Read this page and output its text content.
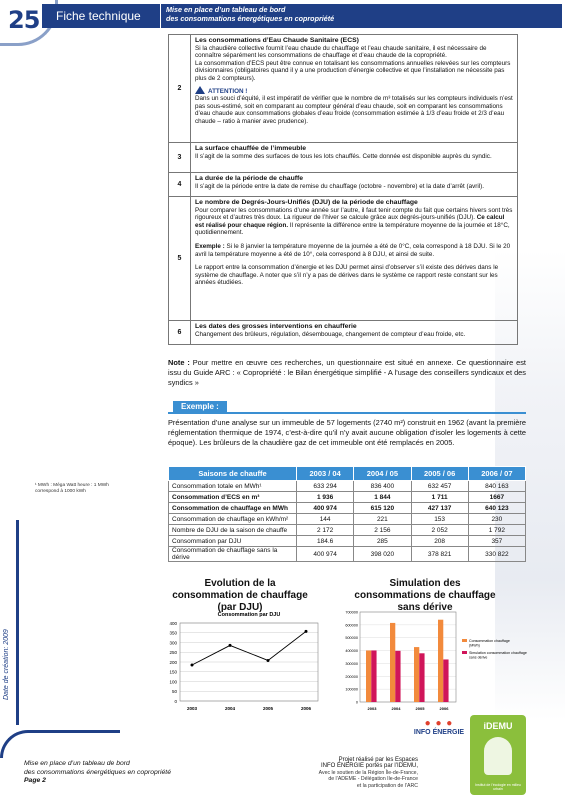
25 Fiche technique	Mise en place d’un tableau de bord
des consommations énergétiques en copropriété
2	Les consommations d’Eau Chaude Sanitaire (ECS)
Si la chaudière collective fournit l’eau chaude du chauffage et l’eau chaude sanitaire, il est nécessaire de connaître séparément les consommations de chauffage et d’eau chaude de la copropriété.
La consommation d’ECS peut être connue en totalisant les consommations annuelles relevées sur les compteurs divisionnaires (obligatoires quand il y a une production d’énergie collective et que l’installation ne nécessite pas plus de 2 compteurs).
ATTENTION !
Dans un souci d’équité, il est impératif de vérifier que le nombre de m³ totalisés sur les compteurs individuels n’est pas sous-estimé, soit en comparant au compteur général d’eau chaude, soit en comparant les consommations d’eau chaude aux consommations globales d’eau froide (consommation estimée à 1/3 d’eau froide et 2/3 d’eau chaude – ratio à manier avec prudence).

3	La surface chauffée de l’immeuble
Il s’agit de la somme des surfaces de tous les lots chauffés. Cette donnée est disponible auprès du syndic.

4	La durée de la période de chauffe
Il s’agit de la période entre la date de remise du chauffage (octobre - novembre) et la date d’arrêt (avril).

5	Le nombre de Degrés-Jours-Unifiés (DJU) de la période de chauffage
Pour comparer les consommations d’une année sur l’autre, il faut tenir compte du fait que certains hivers sont très rigoureux et d’autres très doux. La rigueur de l’hiver se calcule grâce aux degrés-jours-unifiés (DJU). Ce calcul est réalisé pour chaque région. Il représente la différence entre la température moyenne de la journée et 18°C, quotidiennement.
Exemple : Si le 8 janvier la température moyenne de la journée a été de 0°C, cela correspond à 18 DJU. Si le 20 avril la température moyenne a été de 10°, cela correspond à 8 DJU, et ainsi de suite.
Le rapport entre la consommation d’énergie et les DJU permet ainsi d’observer s’il existe des dérives dans le système de chauffage. A noter que s’il n’y a pas de dérives dans le système ce rapport reste constant sur les années étudiées.

6	Les dates des grosses interventions en chaufferie
Changement des brûleurs, régulation, désembouage, changement de compteur d’eau froide, etc.
Note : Pour mettre en œuvre ces recherches, un questionnaire est situé en annexe. Ce questionnaire est issu du Guide ARC : « Copropriété : le Bilan énergétique simplifié - A l’usage des conseillers syndicaux et des syndics »
Exemple :
Présentation d’une analyse sur un immeuble de 57 logements (2740 m²) construit en 1962 (avant la première réglementation thermique de 1974, c’est-à-dire qu’il n’y avait aucune obligation d’isoler les logements à cette époque). Les brûleurs de la chaudière gaz de cet immeuble ont été remplacés en 2005.
¹ MWh : Méga Watt heure : 1 MWh
correspond à 1000 kWh
Saisons de chauffe	2003 / 04	2004 / 05	2005 / 06	2006 / 07
Consommation totale en MWh¹	633 294	836 400	632 457	840 163
Consommation d’ECS en m³	1 936	1 844	1 711	1667
Consommation de chauffage en MWh	400 974	615 120	427 137	640 123
Consommation de chauffage en kWh/m²	144	221	153	230
Nombre de DJU de la saison de chauffe	2 172	2 156	2 052	1 792
Consommation par DJU	184.6	285	208	357
Consommation de chauffage sans la dérive	400 974	398 020	378 821	330 822
Evolution de la consommation de chauffage (par DJU)
Simulation des consommations de chauffage sans dérive
Consommation par DJU
0
50
100
150
200
250
300
350
400
2003	2004	2005	2006
0
100000
200000
300000
400000
500000
600000
700000
2003	2004	2005	2006
Consommation chauffage (MWh)
Simulation consommation chauffage sans dérive
Date de création: 2009
Mise en place d’un tableau de bord
des consommations énergétiques en copropriété
Page 2
Projet réalisé par les Espaces
INFO ÉNERGIE portés par l’IDEMU,
Avec le soutien de la Région Île-de-France,
de l’ADEME - Délégation Ile-de-France
et la participation de l’ARC
● ● ●
INFO ÉNERGIE
iDEMU
Institut de l’écologie en milieu urbain
